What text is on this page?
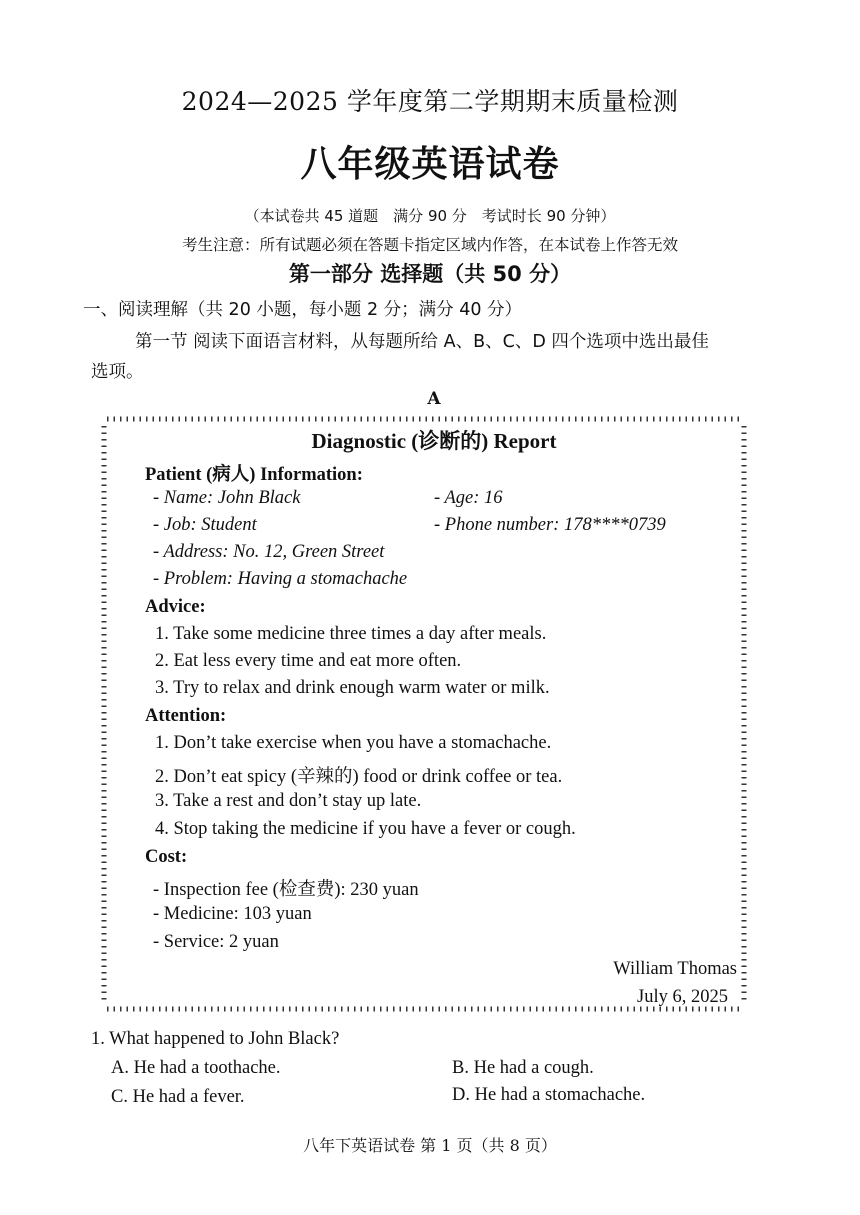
2024—2025 学年度第二学期期末质量检测
八年级英语试卷
（本试卷共 45 道题　满分 90 分　考试时长 90 分钟）
考生注意：所有试题必须在答题卡指定区域内作答，在本试卷上作答无效
第一部分 选择题（共 50 分）
一、阅读理解（共 20 小题，每小题 2 分；满分 40 分）
第一节 阅读下面语言材料，从每题所给 A、B、C、D 四个选项中选出最佳
选项。
A
Diagnostic (诊断的) Report
Patient (病人) Information:
- Name: John Black	- Age: 16
- Job: Student	- Phone number: 178****0739
- Address: No. 12, Green Street
- Problem: Having a stomachache
Advice:
1. Take some medicine three times a day after meals.
2. Eat less every time and eat more often.
3. Try to relax and drink enough warm water or milk.
Attention:
1. Don’t take exercise when you have a stomachache.
2. Don’t eat spicy (辛辣的) food or drink coffee or tea.
3. Take a rest and don’t stay up late.
4. Stop taking the medicine if you have a fever or cough.
Cost:
- Inspection fee (检查费): 230 yuan
- Medicine: 103 yuan
- Service: 2 yuan
William Thomas
July 6, 2025
1. What happened to John Black?
A. He had a toothache.	B. He had a cough.
C. He had a fever.	D. He had a stomachache.
八年下英语试卷 第 1 页（共 8 页）
